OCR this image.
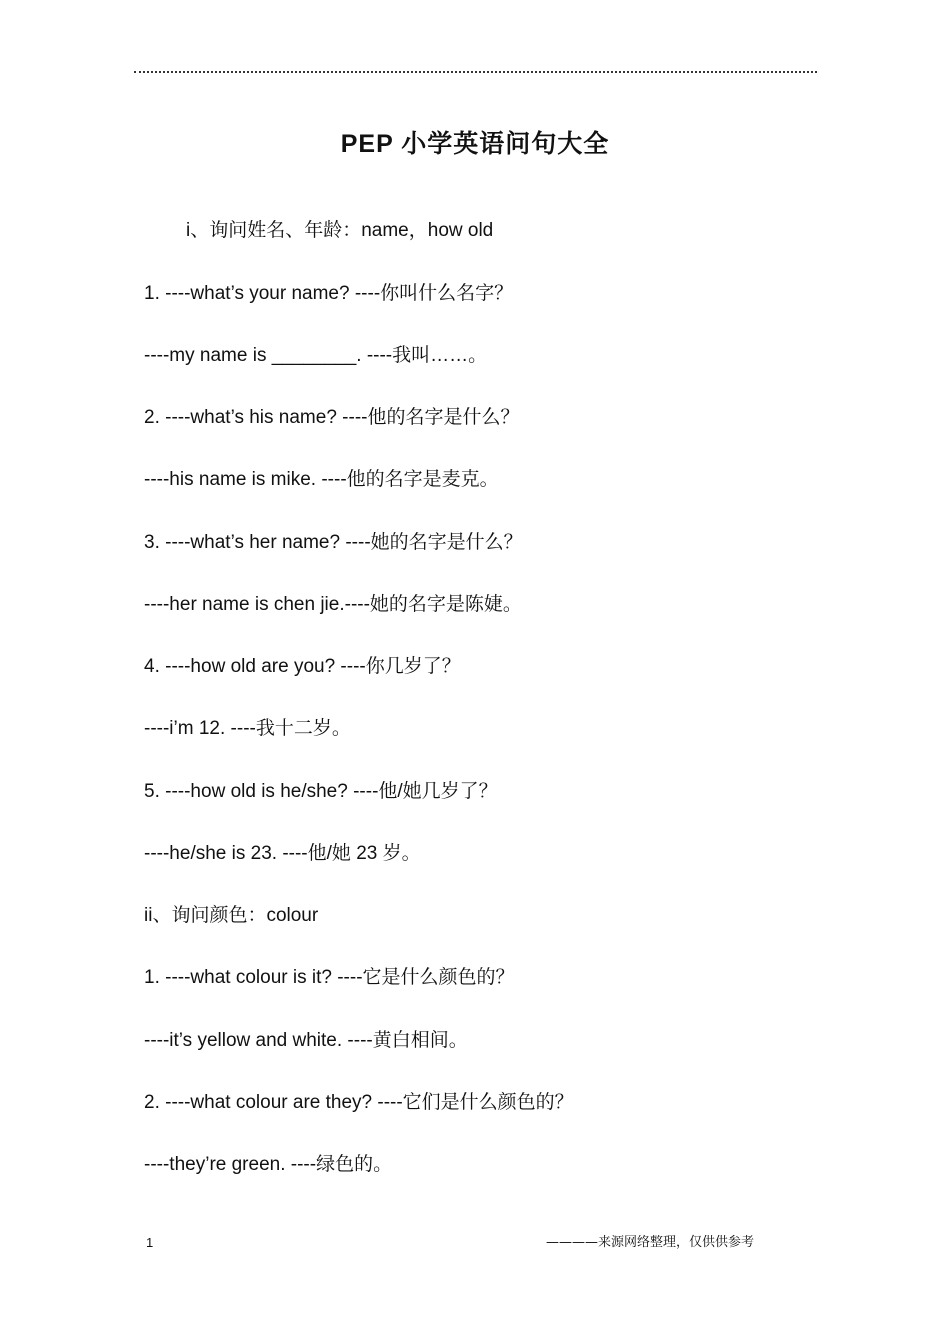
PEP 小学英语问句大全
i、询问姓名、年龄：name，how old
1. ----what’s your name? ----你叫什么名字？
----my name is ________. ----我叫……。
2. ----what’s his name? ----他的名字是什么？
----his name is mike. ----他的名字是麦克。
3. ----what’s her name? ----她的名字是什么？
----her name is chen jie.----她的名字是陈婕。
4. ----how old are you? ----你几岁了？
----i’m 12. ----我十二岁。
5. ----how old is he/she? ----他/她几岁了？
----he/she is 23. ----他/她 23 岁。
ii、询问颜色：colour
1. ----what colour is it? ----它是什么颜色的？
----it’s yellow and white. ----黄白相间。
2. ----what colour are they? ----它们是什么颜色的？
----they’re green. ----绿色的。
1	————来源网络整理，仅供供参考
